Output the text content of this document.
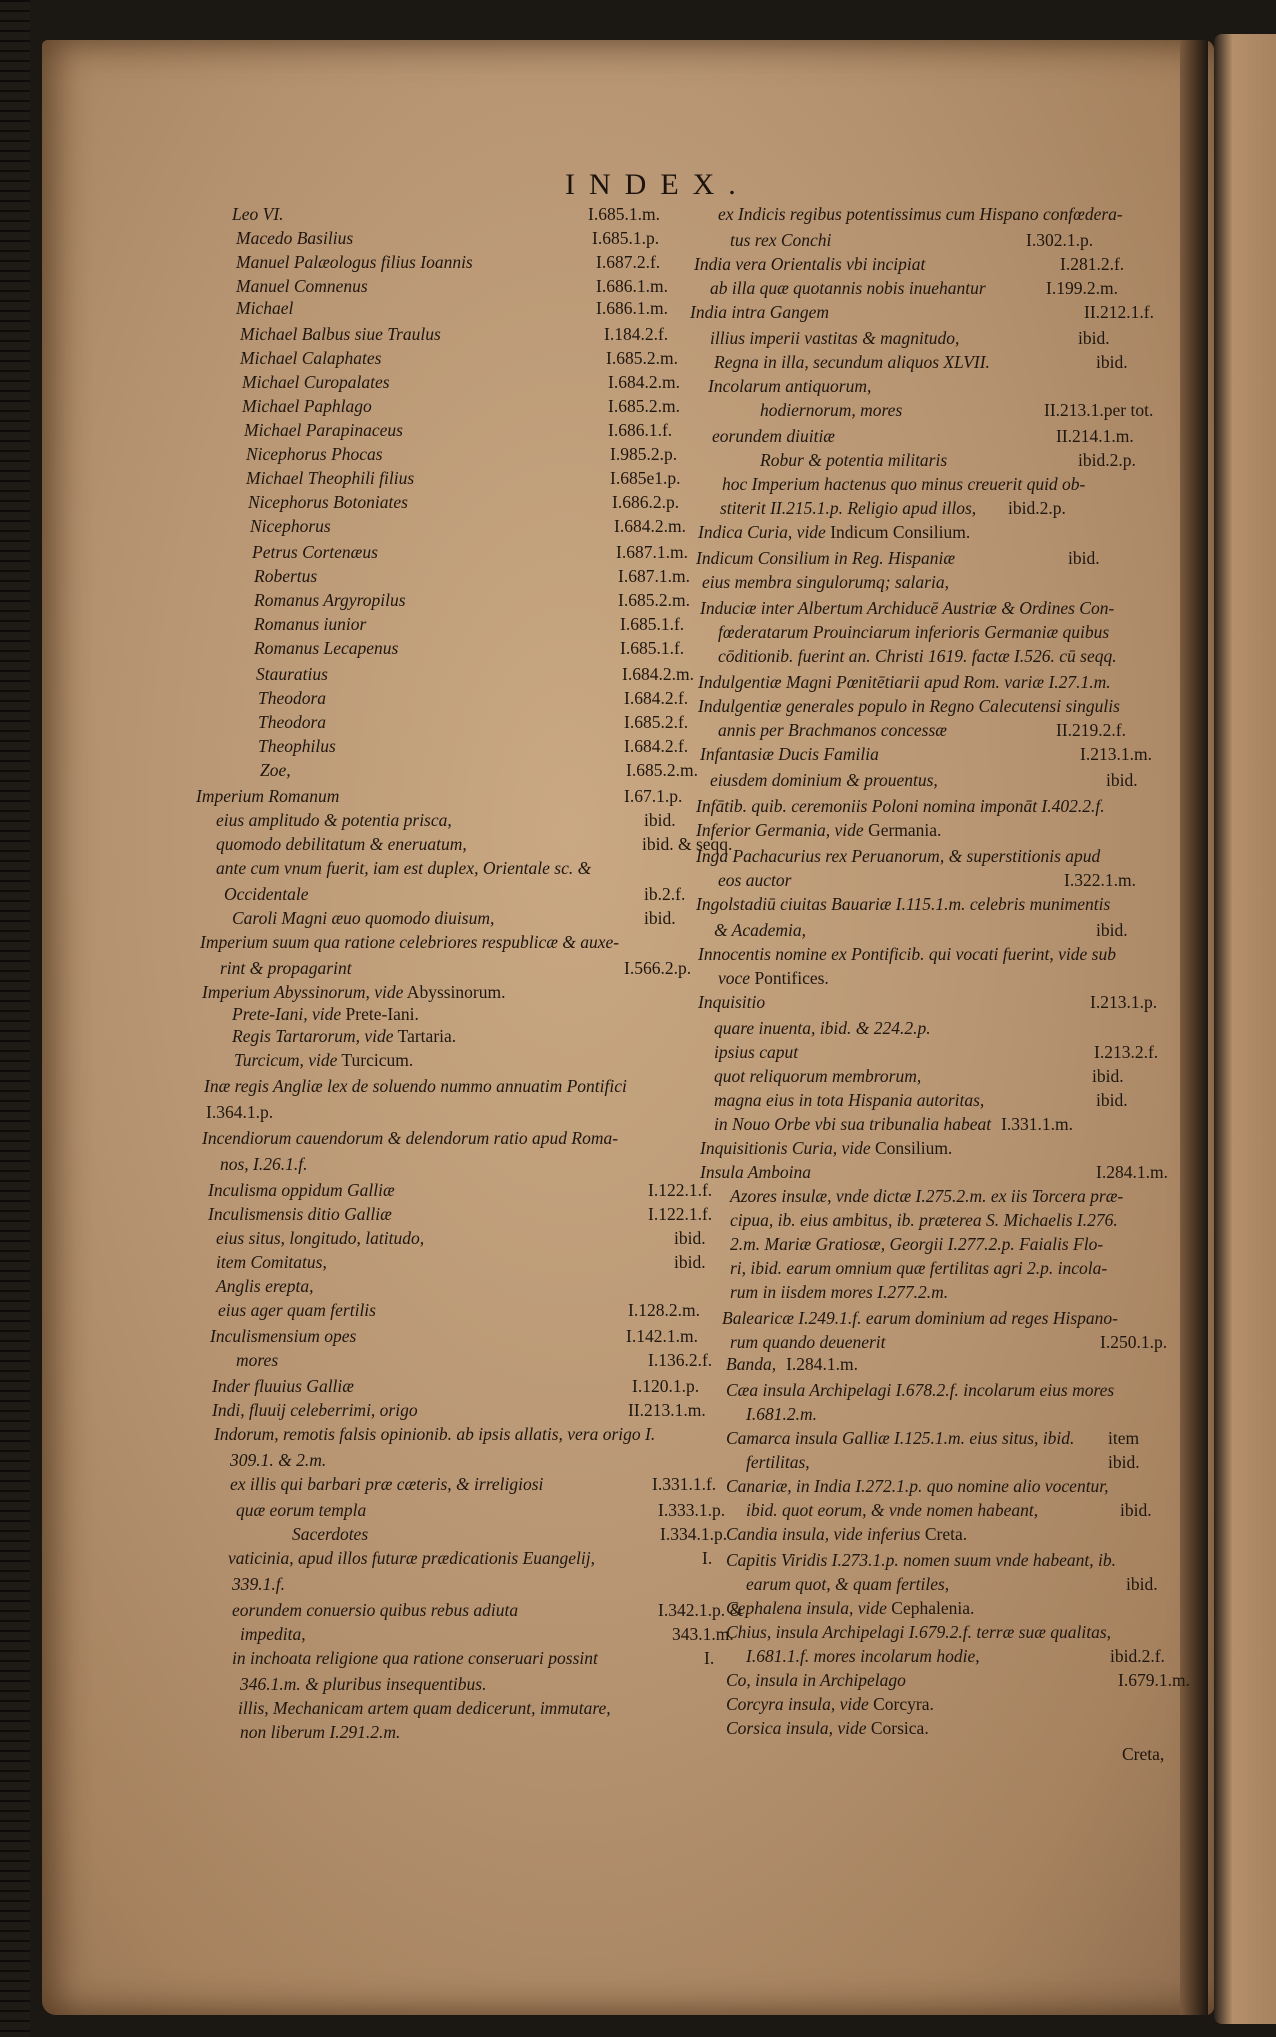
INDEX.
Leo VI.	I.685.1.m.
Macedo Basilius	I.685.1.p.
Manuel Palæologus filius Ioannis	I.687.2.f.
Manuel Comnenus	I.686.1.m.
Michael	I.686.1.m.
Michael Balbus siue Traulus	I.184.2.f.
Michael Calaphates	I.685.2.m.
Michael Curopalates	I.684.2.m.
Michael Paphlago	I.685.2.m.
Michael Parapinaceus	I.686.1.f.
Nicephorus Phocas	I.985.2.p.
Michael Theophili filius	I.685e1.p.
Nicephorus Botoniates	I.686.2.p.
Nicephorus	I.684.2.m.
Petrus Cortenæus	I.687.1.m.
Robertus	I.687.1.m.
Romanus Argyropilus	I.685.2.m.
Romanus iunior	I.685.1.f.
Romanus Lecapenus	I.685.1.f.
Stauratius	I.684.2.m.
Theodora	I.684.2.f.
Theodora	I.685.2.f.
Theophilus	I.684.2.f.
Zoe,	I.685.2.m.
Imperium Romanum	I.67.1.p.
eius amplitudo & potentia prisca,	ibid.
quomodo debilitatum & eneruatum,	ibid. & seqq.
ante cum vnum fuerit, iam est duplex, Orientale sc. &
Occidentale	ib.2.f.
Caroli Magni æuo quomodo diuisum,	ibid.
Imperium suum qua ratione celebriores respublicæ & auxe-
rint & propagarint	I.566.2.p.
Imperium Abyssinorum, vide Abyssinorum.
Prete-Iani, vide Prete-Iani.
Regis Tartarorum, vide Tartaria.
Turcicum, vide Turcicum.
Inæ regis Angliæ lex de soluendo nummo annuatim Pontifici
I.364.1.p.
Incendiorum cauendorum & delendorum ratio apud Roma-
nos, I.26.1.f.
Inculisma oppidum Galliæ	I.122.1.f.
Inculismensis ditio Galliæ	I.122.1.f.
eius situs, longitudo, latitudo,	ibid.
item Comitatus,	ibid.
Anglis erepta,
eius ager quam fertilis	I.128.2.m.
Inculismensium opes	I.142.1.m.
mores	I.136.2.f.
Inder fluuius Galliæ	I.120.1.p.
Indi, fluuij celeberrimi, origo	II.213.1.m.
Indorum, remotis falsis opinionib. ab ipsis allatis, vera origo I.
309.1. & 2.m.
ex illis qui barbari præ cæteris, & irreligiosi	I.331.1.f.
quæ eorum templa	I.333.1.p.
Sacerdotes	I.334.1.p.
vaticinia, apud illos futuræ prædicationis Euangelij,	I.
339.1.f.
eorundem conuersio quibus rebus adiuta	I.342.1.p. &
impedita,	343.1.m.
in inchoata religione qua ratione conseruari possint	I.
346.1.m. & pluribus insequentibus.
illis, Mechanicam artem quam dedicerunt, immutare,
non liberum I.291.2.m.
ex Indicis regibus potentissimus cum Hispano confœdera-
tus rex Conchi	I.302.1.p.
India vera Orientalis vbi incipiat	I.281.2.f.
ab illa quæ quotannis nobis inuehantur	I.199.2.m.
India intra Gangem	II.212.1.f.
illius imperii vastitas & magnitudo,	ibid.
Regna in illa, secundum aliquos XLVII.	ibid.
Incolarum antiquorum,
hodiernorum, mores	II.213.1.per tot.
eorundem diuitiæ	II.214.1.m.
Robur & potentia militaris	ibid.2.p.
hoc Imperium hactenus quo minus creuerit quid ob-
stiterit II.215.1.p. Religio apud illos, ibid.2.p.
Indica Curia, vide Indicum Consilium.
Indicum Consilium in Reg. Hispaniæ	ibid.
eius membra singulorumq; salaria,
Induciæ inter Albertum Archiducē Austriæ & Ordines Con-
fœderatarum Prouinciarum inferioris Germaniæ quibus
cōditionib. fuerint an. Christi 1619. factæ I.526. cū seqq.
Indulgentiæ Magni Pœnitētiarii apud Rom. variæ I.27.1.m.
Indulgentiæ generales populo in Regno Calecutensi singulis
annis per Brachmanos concessæ	II.219.2.f.
Infantasiæ Ducis Familia	I.213.1.m.
eiusdem dominium & prouentus,	ibid.
Infātib. quib. ceremoniis Poloni nomina imponāt I.402.2.f.
Inferior Germania, vide Germania.
Inga Pachacurius rex Peruanorum, & superstitionis apud
eos auctor	I.322.1.m.
Ingolstadiū ciuitas Bauariæ I.115.1.m. celebris munimentis
& Academia,	ibid.
Innocentis nomine ex Pontificib. qui vocati fuerint, vide sub
voce Pontifices.
Inquisitio	I.213.1.p.
quare inuenta, ibid. & 224.2.p.
ipsius caput	I.213.2.f.
quot reliquorum membrorum,	ibid.
magna eius in tota Hispania autoritas,	ibid.
in Nouo Orbe vbi sua tribunalia habeat I.331.1.m.
Inquisitionis Curia, vide Consilium.
Insula Amboina	I.284.1.m.
Azores insulæ, vnde dictæ I.275.2.m. ex iis Torcera præ-
cipua, ib. eius ambitus, ib. præterea S. Michaelis I.276.
2.m. Mariæ Gratiosæ, Georgii I.277.2.p. Faialis Flo-
ri, ibid. earum omnium quæ fertilitas agri 2.p. incola-
rum in iisdem mores I.277.2.m.
Balearicæ I.249.1.f. earum dominium ad reges Hispano-
rum quando deuenerit	I.250.1.p.
Banda, I.284.1.m.
Cæa insula Archipelagi I.678.2.f. incolarum eius mores
I.681.2.m.
Camarca insula Galliæ I.125.1.m. eius situs, ibid. item
fertilitas,	ibid.
Canariæ, in India I.272.1.p. quo nomine alio vocentur,
ibid. quot eorum, & vnde nomen habeant,	ibid.
Candia insula, vide inferius Creta.
Capitis Viridis I.273.1.p. nomen suum vnde habeant, ib.
earum quot, & quam fertiles,	ibid.
Cephalena insula, vide Cephalenia.
Chius, insula Archipelagi I.679.2.f. terræ suæ qualitas,
I.681.1.f. mores incolarum hodie,	ibid.2.f.
Co, insula in Archipelago	I.679.1.m.
Corcyra insula, vide Corcyra.
Corsica insula, vide Corsica.
Creta,
